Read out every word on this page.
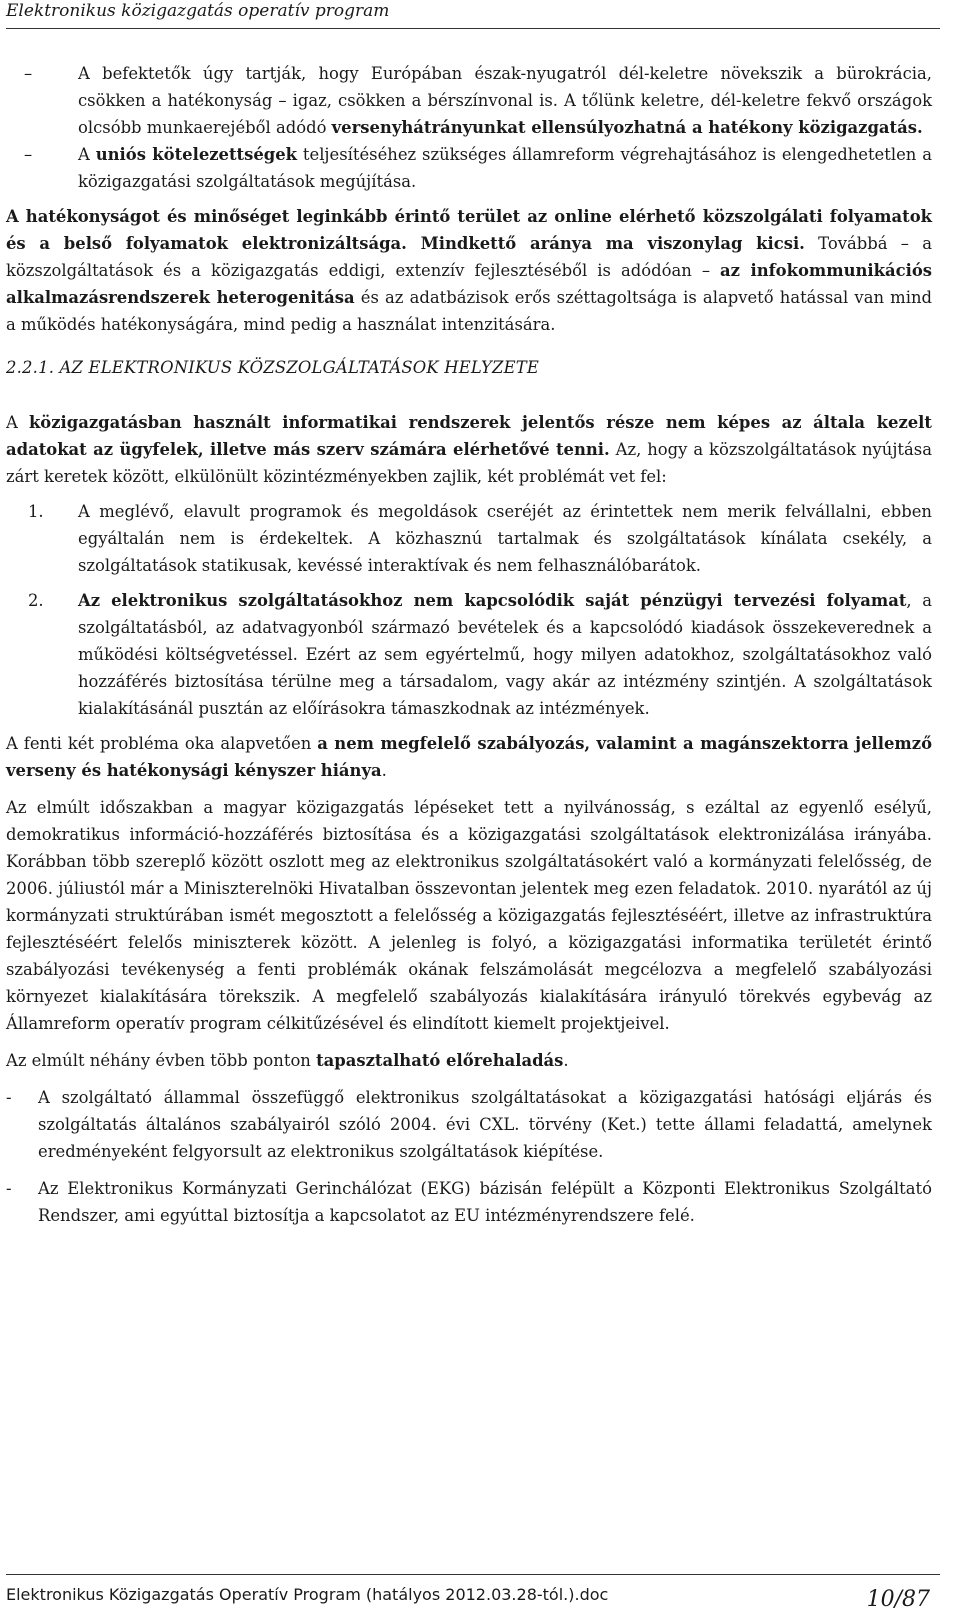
Elektronikus közigazgatás operatív program

–	A befektetők úgy tartják, hogy Európában észak-nyugatról dél-keletre növekszik a bürokrácia, csökken a hatékonyság – igaz, csökken a bérszínvonal is. A tőlünk keletre, dél-keletre fekvő országok olcsóbb munkaerejéből adódó versenyhátrányunkat ellensúlyozhatná a hatékony közigazgatás.

–	A uniós kötelezettségek teljesítéséhez szükséges államreform végrehajtásához is elengedhetetlen a közigazgatási szolgáltatások megújítása.

A hatékonyságot és minőséget leginkább érintő terület az online elérhető közszolgálati folyamatok és a belső folyamatok elektronizáltsága. Mindkettő aránya ma viszonylag kicsi. Továbbá – a közszolgáltatások és a közigazgatás eddigi, extenzív fejlesztéséből is adódóan – az infokommunikációs alkalmazásrendszerek heterogenitása és az adatbázisok erős széttagoltsága is alapvető hatással van mind a működés hatékonyságára, mind pedig a használat intenzitására.

2.2.1. AZ ELEKTRONIKUS KÖZSZOLGÁLTATÁSOK HELYZETE

A közigazgatásban használt informatikai rendszerek jelentős része nem képes az általa kezelt adatokat az ügyfelek, illetve más szerv számára elérhetővé tenni. Az, hogy a közszolgáltatások nyújtása zárt keretek között, elkülönült közintézményekben zajlik, két problémát vet fel:

1. A meglévő, elavult programok és megoldások cseréjét az érintettek nem merik felvállalni, ebben egyáltalán nem is érdekeltek. A közhasznú tartalmak és szolgáltatások kínálata csekély, a szolgáltatások statikusak, kevéssé interaktívak és nem felhasználóbarátok.

2. Az elektronikus szolgáltatásokhoz nem kapcsolódik saját pénzügyi tervezési folyamat, a szolgáltatásból, az adatvagyonból származó bevételek és a kapcsolódó kiadások összekeverednek a működési költségvetéssel. Ezért az sem egyértelmű, hogy milyen adatokhoz, szolgáltatásokhoz való hozzáférés biztosítása térülne meg a társadalom, vagy akár az intézmény szintjén. A szolgáltatások kialakításánál pusztán az előírásokra támaszkodnak az intézmények.

A fenti két probléma oka alapvetően a nem megfelelő szabályozás, valamint a magánszektorra jellemző verseny és hatékonysági kényszer hiánya.

Az elmúlt időszakban a magyar közigazgatás lépéseket tett a nyilvánosság, s ezáltal az egyenlő esélyű, demokratikus információ-hozzáférés biztosítása és a közigazgatási szolgáltatások elektronizálása irányába. Korábban több szereplő között oszlott meg az elektronikus szolgáltatásokért való a kormányzati felelősség, de 2006. júliustól már a Miniszterelnöki Hivatalban összevontan jelentek meg ezen feladatok. 2010. nyarától az új kormányzati struktúrában ismét megosztott a felelősség a közigazgatás fejlesztéséért, illetve az infrastruktúra fejlesztéséért felelős miniszterek között. A jelenleg is folyó, a közigazgatási informatika területét érintő szabályozási tevékenység a fenti problémák okának felszámolását megcélozva a megfelelő szabályozási környezet kialakítására törekszik. A megfelelő szabályozás kialakítására irányuló törekvés egybevág az Államreform operatív program célkitűzésével és elindított kiemelt projektjeivel.

Az elmúlt néhány évben több ponton tapasztalható előrehaladás.

- A szolgáltató állammal összefüggő elektronikus szolgáltatásokat a közigazgatási hatósági eljárás és szolgáltatás általános szabályairól szóló 2004. évi CXL. törvény (Ket.) tette állami feladattá, amelynek eredményeként felgyorsult az elektronikus szolgáltatások kiépítése.

- Az Elektronikus Kormányzati Gerinchálózat (EKG) bázisán felépült a Központi Elektronikus Szolgáltató Rendszer, ami egyúttal biztosítja a kapcsolatot az EU intézményrendszere felé.

Elektronikus Közigazgatás Operatív Program (hatályos 2012.03.28-tól.).doc	10/87
